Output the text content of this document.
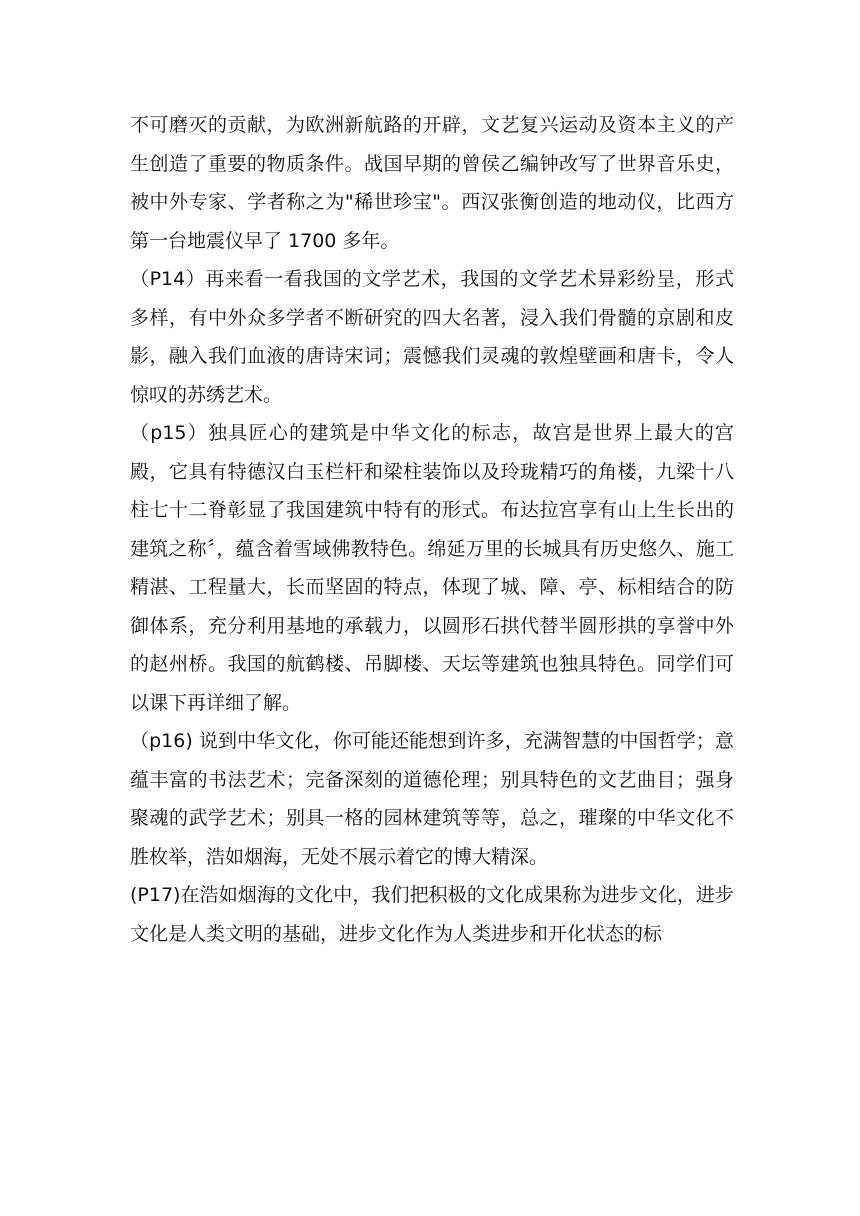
不可磨灭的贡献，为欧洲新航路的开辟，文艺复兴运动及资本主义的产生创造了重要的物质条件。战国早期的曾侯乙编钟改写了世界音乐史，被中外专家、学者称之为"稀世珍宝"。西汉张衡创造的地动仪，比西方第一台地震仪早了 1700 多年。

（P14）再来看一看我国的文学艺术，我国的文学艺术异彩纷呈，形式多样，有中外众多学者不断研究的四大名著，浸入我们骨髓的京剧和皮影，融入我们血液的唐诗宋词；震憾我们灵魂的敦煌壁画和唐卡，令人惊叹的苏绣艺术。

（p15）独具匠心的建筑是中华文化的标志，故宫是世界上最大的宫殿，它具有特德汉白玉栏杆和梁柱装饰以及玲珑精巧的角楼，九梁十八柱七十二脊彰显了我国建筑中特有的形式。布达拉宫享有山上生长出的建筑之称〞，蕴含着雪域佛教特色。绵延万里的长城具有历史悠久、施工精湛、工程量大，长而坚固的特点，体现了城、障、亭、标相结合的防御体系，充分利用基地的承载力，以圆形石拱代替半圆形拱的享誉中外的赵州桥。我国的航鹤楼、吊脚楼、天坛等建筑也独具特色。同学们可以课下再详细了解。

（p16) 说到中华文化，你可能还能想到许多，充满智慧的中国哲学；意蕴丰富的书法艺术；完备深刻的道德伦理；别具特色的文艺曲目；强身聚魂的武学艺术；别具一格的园林建筑等等，总之，璀璨的中华文化不胜枚举，浩如烟海，无处不展示着它的博大精深。

(P17)在浩如烟海的文化中，我们把积极的文化成果称为进步文化，进步文化是人类文明的基础，进步文化作为人类进步和开化状态的标
